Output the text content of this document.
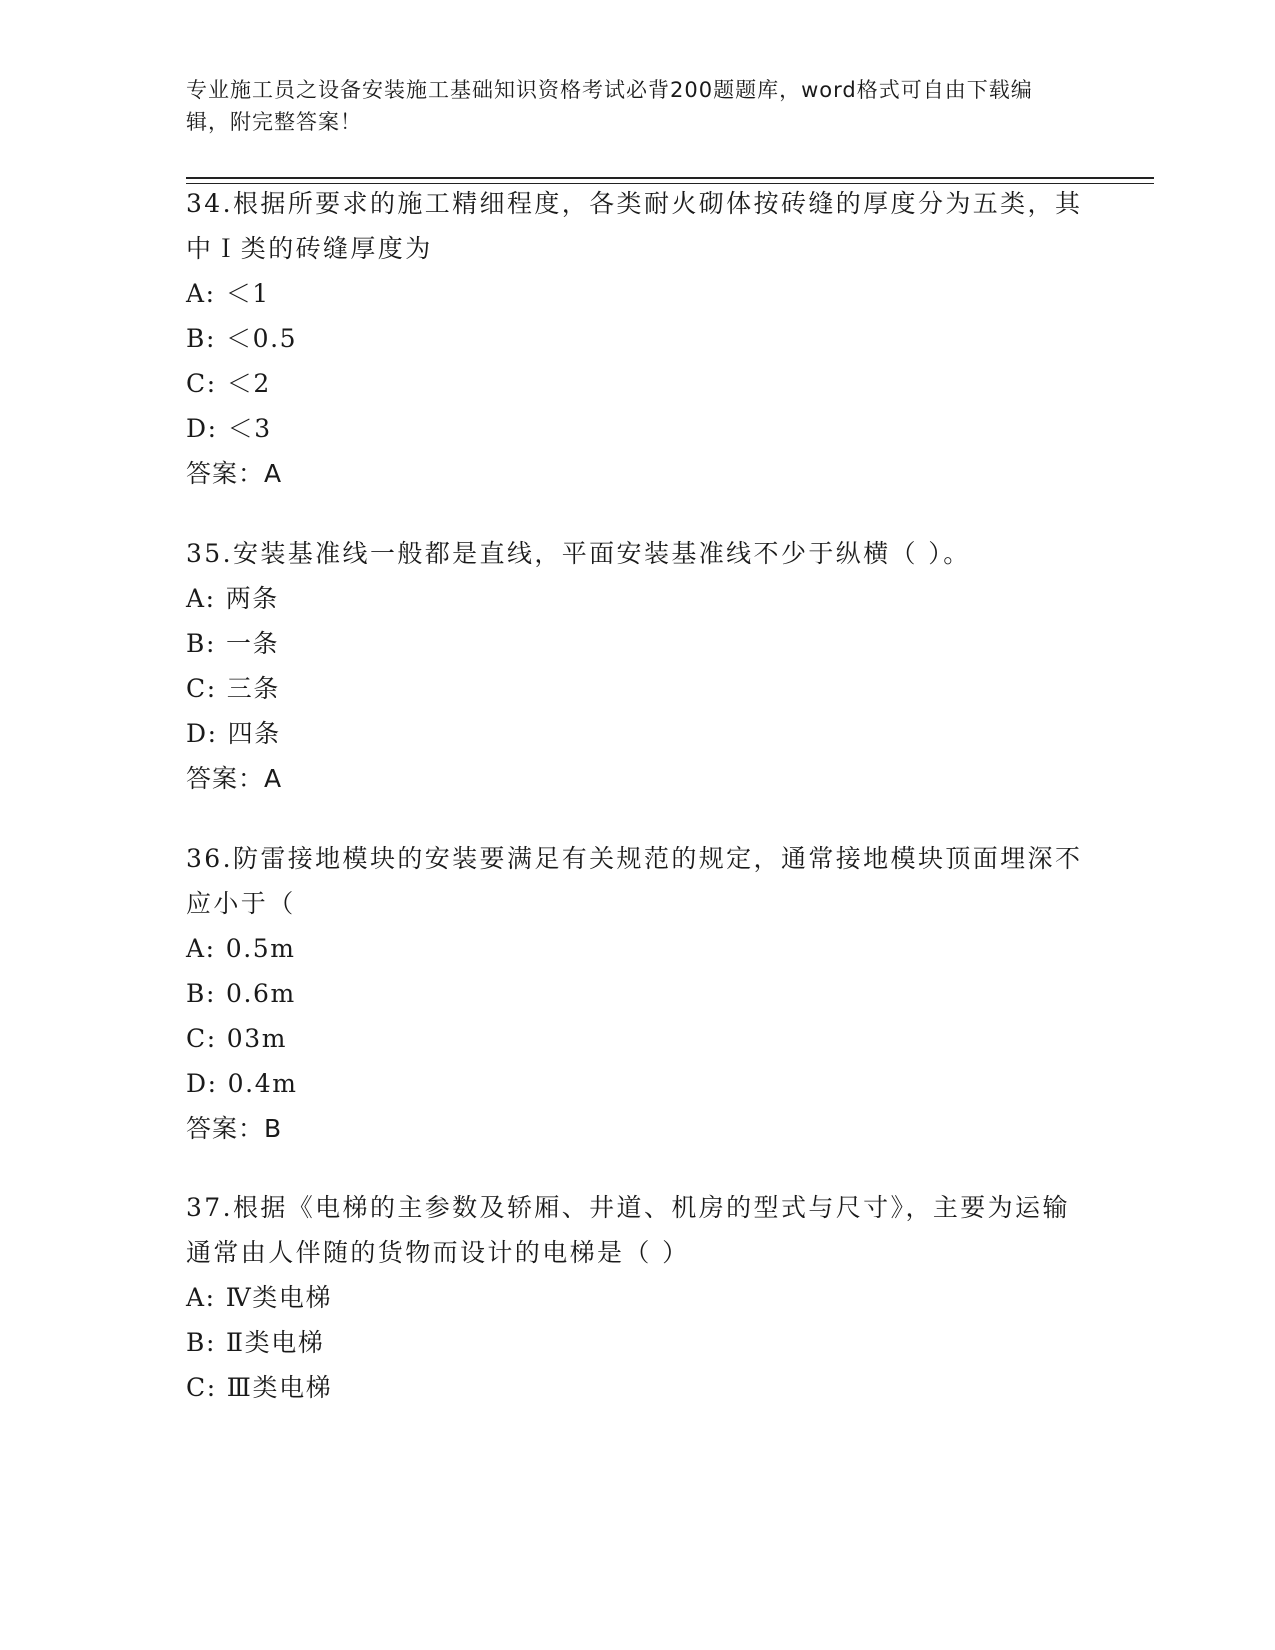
专业施工员之设备安装施工基础知识资格考试必背200题题库，word格式可自由下载编辑，附完整答案！

34.根据所要求的施工精细程度，各类耐火砌体按砖缝的厚度分为五类，其中Ｉ类的砖缝厚度为

A: ＜1

B: ＜0.5

C: ＜2

D: ＜3

答案：A

35.安装基准线一般都是直线，平面安装基准线不少于纵横（ ）。

A: 两条

B: 一条

C: 三条

D: 四条

答案：A

36.防雷接地模块的安装要满足有关规范的规定，通常接地模块顶面埋深不应小于（

A: 0.5m

B: 0.6m

C: 03m

D: 0.4m

答案：B

37.根据《电梯的主参数及轿厢、井道、机房的型式与尺寸》，主要为运输通常由人伴随的货物而设计的电梯是（ ）

A: Ⅳ类电梯

B: Ⅱ类电梯

C: Ⅲ类电梯
